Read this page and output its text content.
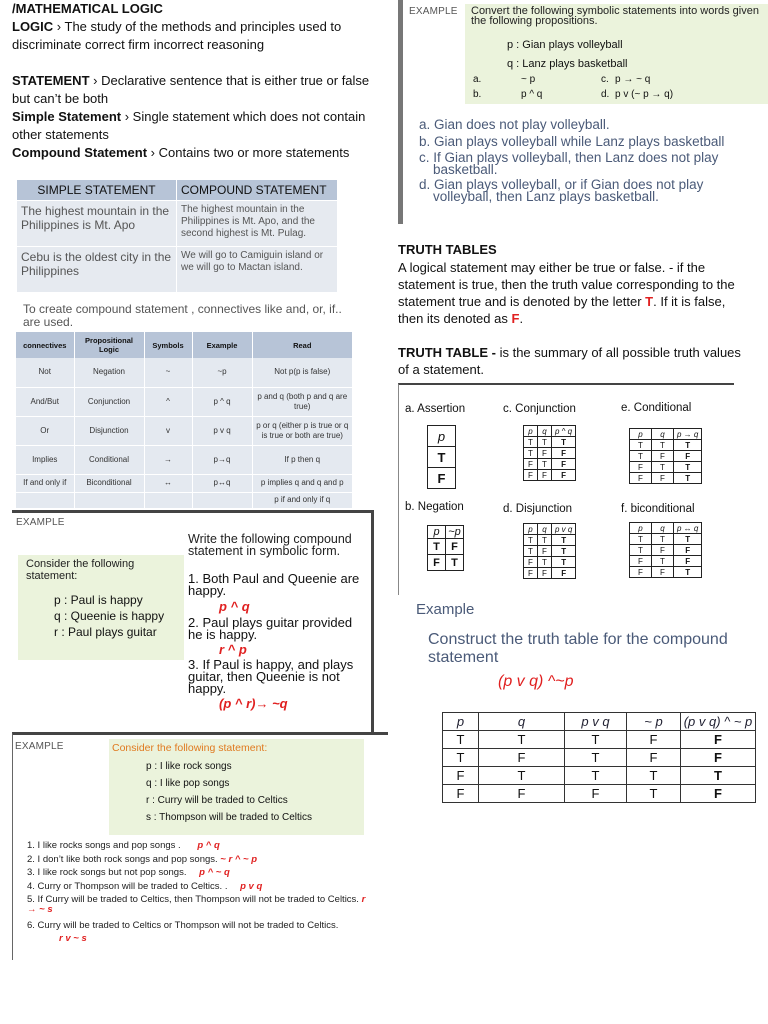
/MATHEMATICAL LOGIC
LOGIC › The study of the methods and principles used to discriminate correct firm incorrect reasoning
STATEMENT › Declarative sentence that is either true or false but can’t be both
Simple Statement › Single statement which does not contain other statements
Compound Statement › Contains two or more statements
SIMPLE STATEMENT	COMPOUND STATEMENT
The highest mountain in the Philippines is Mt. Apo	The highest mountain in the Philippines is Mt. Apo, and the second highest is Mt. Pulag.
Cebu is the oldest city in the Philippines	We will go to Camiguin island or we will go to Mactan island.
To create compound statement , connectives like and, or, if.. are used.
connectives	Propositional Logic	Symbols	Example	Read
Not	Negation	~	~p	Not p(p is false)
And/But	Conjunction	^	p ^ q	p and q (both p and q are true)
Or	Disjunction	v	p v q	p or q (either p is true or q is true or both are true)
Implies	Conditional	→	p→q	If p then q
If and only if	Biconditional	↔	p↔q	p implies q and q and p
				p if and only if q
EXAMPLE
Consider the following statement:
p : Paul is happy
q : Queenie is happy
r : Paul plays guitar
Write the following compound statement in symbolic form.
1. Both Paul and Queenie are happy.
p ^ q
2. Paul plays guitar provided he is happy.
r ^ p
3. If Paul is happy, and plays guitar, then Queenie is not happy.
(p ^ r)→ ~q
EXAMPLE	Consider the following statement:
p : I like rock songs
q : I like pop songs
r : Curry will be traded to Celtics
s : Thompson will be traded to Celtics
1. I like rocks songs and pop songs . p ^ q
2. I don’t like both rock songs and pop songs. ~ r ^ ~ p
3. I like rock songs but not pop songs. p ^ ~ q
4. Curry or Thompson will be traded to Celtics. . p v q
5. If Curry will be traded to Celtics, then Thompson will not be traded to Celtics. r → ~ s
6. Curry will be traded to Celtics or Thompson will not be traded to Celtics.
r v ~ s
EXAMPLE Convert the following symbolic statements into words given the following propositions.
p : Gian plays volleyball
q : Lanz plays basketball
a.	~ p	c. p → ~ q
b.	p ^ q	d. p v (~ p → q)
a. Gian does not play volleyball.
b. Gian plays volleyball while Lanz plays basketball
c. If Gian plays volleyball, then Lanz does not play basketball.
d. Gian plays volleyball, or if Gian does not play volleyball, then Lanz plays basketball.
TRUTH TABLES
A logical statement may either be true or false. - if the statement is true, then the truth value corresponding to the statement true and is denoted by the letter T. If it is false, then its denoted as F.
TRUTH TABLE - is the summary of all possible truth values of a statement.
a. Assertion
p
T
F
b. Negation
p	~p
T	F
F	T
c. Conjunction
p	q	p ^ q
T	T	T
T	F	F
F	T	F
F	F	F
d. Disjunction
p	q	p v q
T	T	T
T	F	T
F	T	T
F	F	F
e. Conditional
p	q	p → q
T	T	T
T	F	F
F	T	T
F	F	T
f. biconditional
p	q	p ↔ q
T	T	T
T	F	F
F	T	F
F	F	T
Example
Construct the truth table for the compound statement
(p v q) ^~p
p	q	p v q	~ p	(p v q) ^ ~ p
T	T	T	F	F
T	F	T	F	F
F	T	T	T	T
F	F	F	T	F
